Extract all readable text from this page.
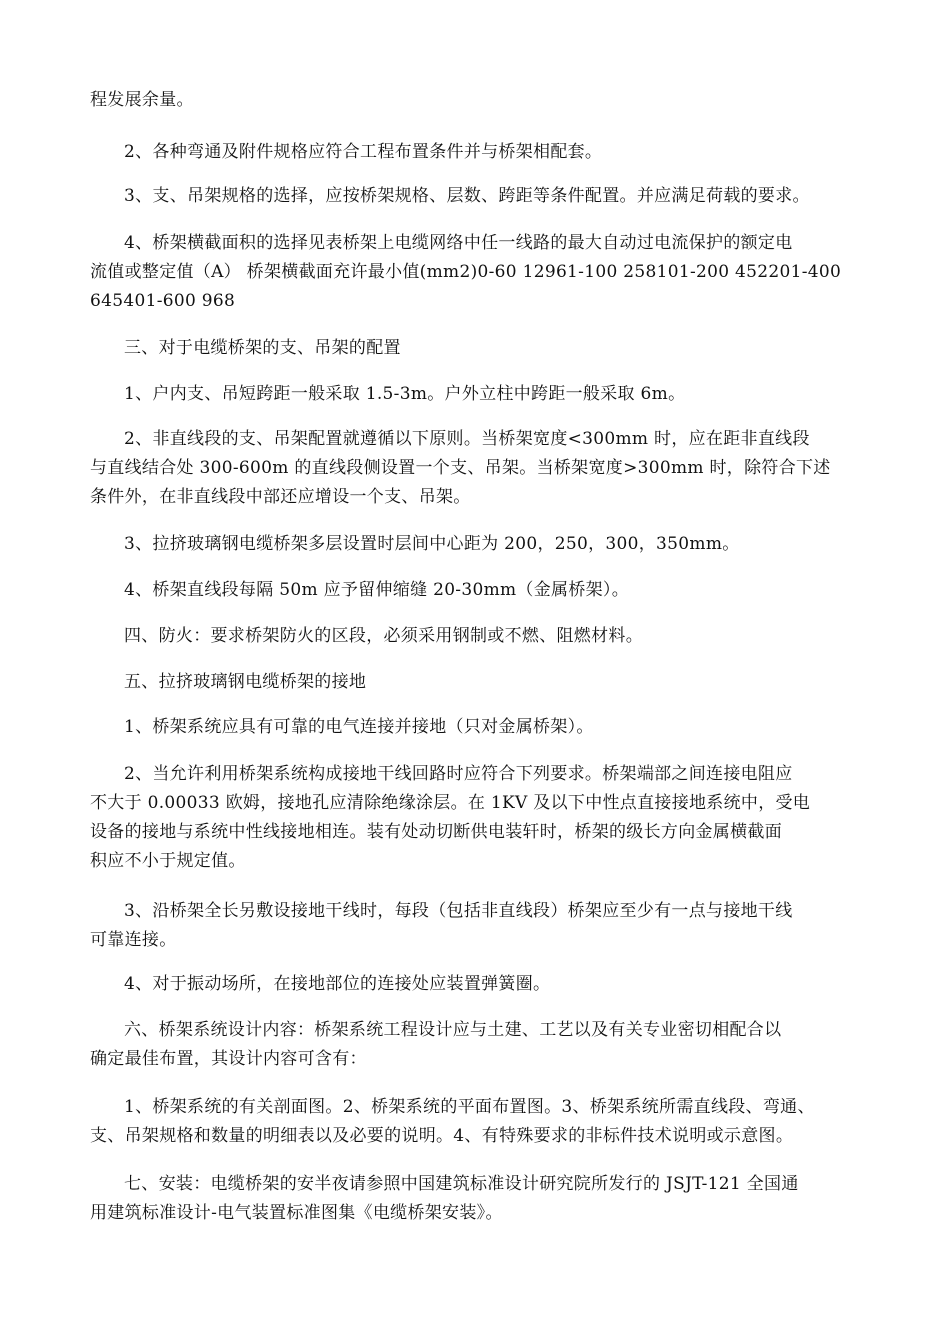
程发展余量。

2、各种弯通及附件规格应符合工程布置条件并与桥架相配套。

3、支、吊架规格的选择，应按桥架规格、层数、跨距等条件配置。并应满足荷载的要求。

4、桥架横截面积的选择见表桥架上电缆网络中任一线路的最大自动过电流保护的额定电
流值或整定值（A） 桥架横截面充许最小值(mm2)0-60 12961-100 258101-200 452201-400
645401-600 968

三、对于电缆桥架的支、吊架的配置

1、户内支、吊短跨距一般采取 1.5-3m。户外立柱中跨距一般采取 6m。

2、非直线段的支、吊架配置就遵循以下原则。当桥架宽度<300mm 时，应在距非直线段
与直线结合处 300-600m 的直线段侧设置一个支、吊架。当桥架宽度>300mm 时，除符合下述
条件外，在非直线段中部还应增设一个支、吊架。

3、拉挤玻璃钢电缆桥架多层设置时层间中心距为 200，250，300，350mm。

4、桥架直线段每隔 50m 应予留伸缩缝 20-30mm（金属桥架）。

四、防火：要求桥架防火的区段，必须采用钢制或不燃、阻燃材料。

五、拉挤玻璃钢电缆桥架的接地

1、桥架系统应具有可靠的电气连接并接地（只对金属桥架）。

2、当允许利用桥架系统构成接地干线回路时应符合下列要求。桥架端部之间连接电阻应
不大于 0.00033 欧姆，接地孔应清除绝缘涂层。在 1KV 及以下中性点直接接地系统中，受电
设备的接地与系统中性线接地相连。装有处动切断供电装轩时，桥架的级长方向金属横截面
积应不小于规定值。

3、沿桥架全长另敷设接地干线时，每段（包括非直线段）桥架应至少有一点与接地干线
可靠连接。

4、对于振动场所，在接地部位的连接处应装置弹簧圈。

六、桥架系统设计内容：桥架系统工程设计应与土建、工艺以及有关专业密切相配合以
确定最佳布置，其设计内容可含有：

1、桥架系统的有关剖面图。2、桥架系统的平面布置图。3、桥架系统所需直线段、弯通、
支、吊架规格和数量的明细表以及必要的说明。4、有特殊要求的非标件技术说明或示意图。

七、安装：电缆桥架的安半夜请参照中国建筑标准设计研究院所发行的 JSJT-121 全国通
用建筑标准设计-电气装置标准图集《电缆桥架安装》。
